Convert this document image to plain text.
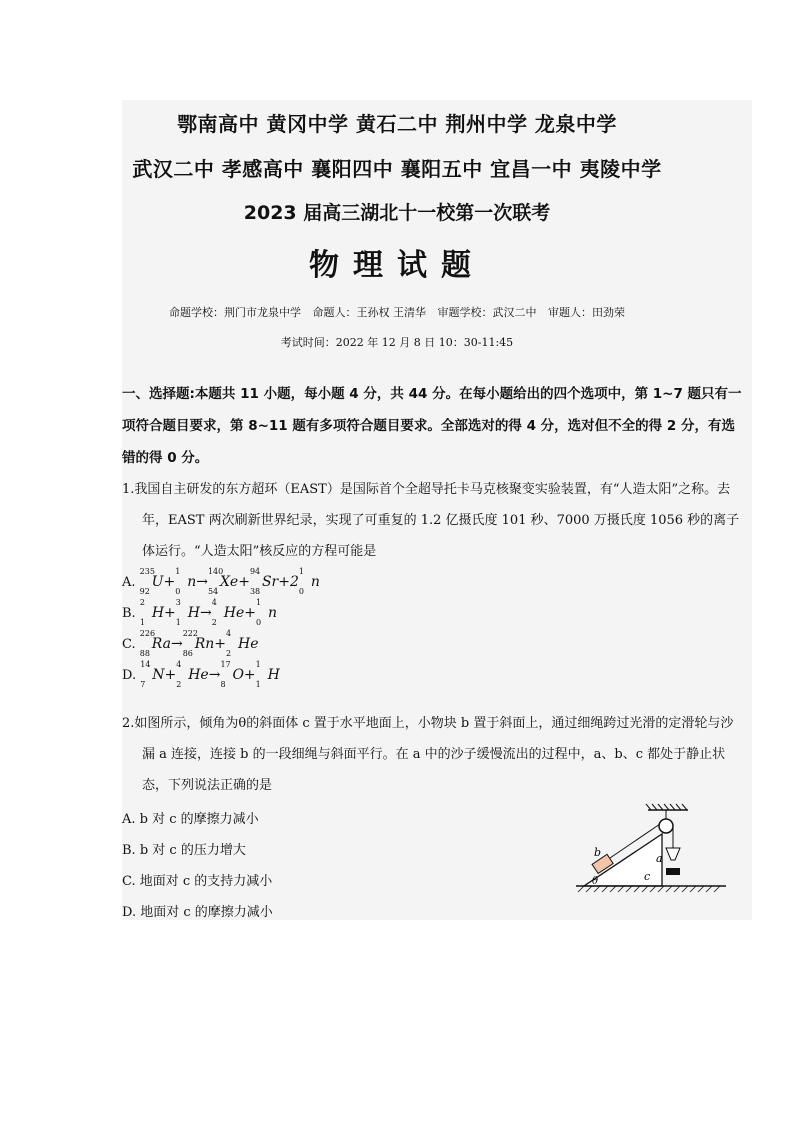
鄂南高中 黄冈中学 黄石二中 荆州中学 龙泉中学
武汉二中 孝感高中 襄阳四中 襄阳五中 宜昌一中 夷陵中学
2023 届高三湖北十一校第一次联考
物理试题
命题学校：荆门市龙泉中学 命题人：王孙权 王清华 审题学校：武汉二中 审题人：田劲荣
考试时间：2022 年 12 月 8 日 10：30-11:45
一、选择题:本题共 11 小题，每小题 4 分，共 44 分。在每小题给出的四个选项中，第 1~7 题只有一项符合题目要求，第 8~11 题有多项符合题目要求。全部选对的得 4 分，选对但不全的得 2 分，有选错的得 0 分。
1.我国自主研发的东方超环（EAST）是国际首个全超导托卡马克核聚变实验装置，有“人造太阳”之称。去年，EAST 两次刷新世界纪录，实现了可重复的 1.2 亿摄氏度 101 秒、7000 万摄氏度 1056 秒的离子体运行。“人造太阳”核反应的方程可能是
A.
235
92
U+
1
0
n→
140
54
Xe+
94
38
Sr+2
1
0
n
B.
2
1
H+
3
1
H→
4
2
He+
1
0
n
C.
226
88
Ra→
222
86
Rn+
4
2
He
D.
14
7
N+
4
2
He→
17
8
O+
1
1
H
2.如图所示，倾角为θ的斜面体 c 置于水平地面上，小物块 b 置于斜面上，通过细绳跨过光滑的定滑轮与沙漏 a 连接，连接 b 的一段细绳与斜面平行。在 a 中的沙子缓慢流出的过程中，a、b、c 都处于静止状态，下列说法正确的是
A. b 对 c 的摩擦力减小
B. b 对 c 的压力增大
C. 地面对 c 的支持力减小
D. 地面对 c 的摩擦力减小
b	a
c
θ
